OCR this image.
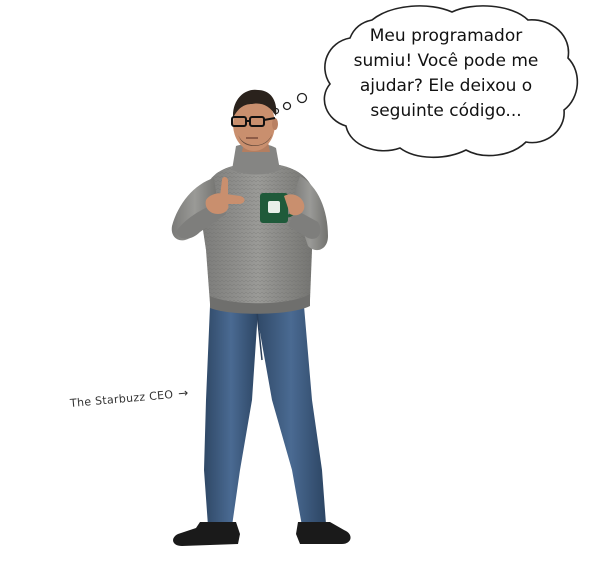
Meu programador
sumiu! Você pode me
ajudar? Ele deixou o
seguinte código...
The Starbuzz CEO →
